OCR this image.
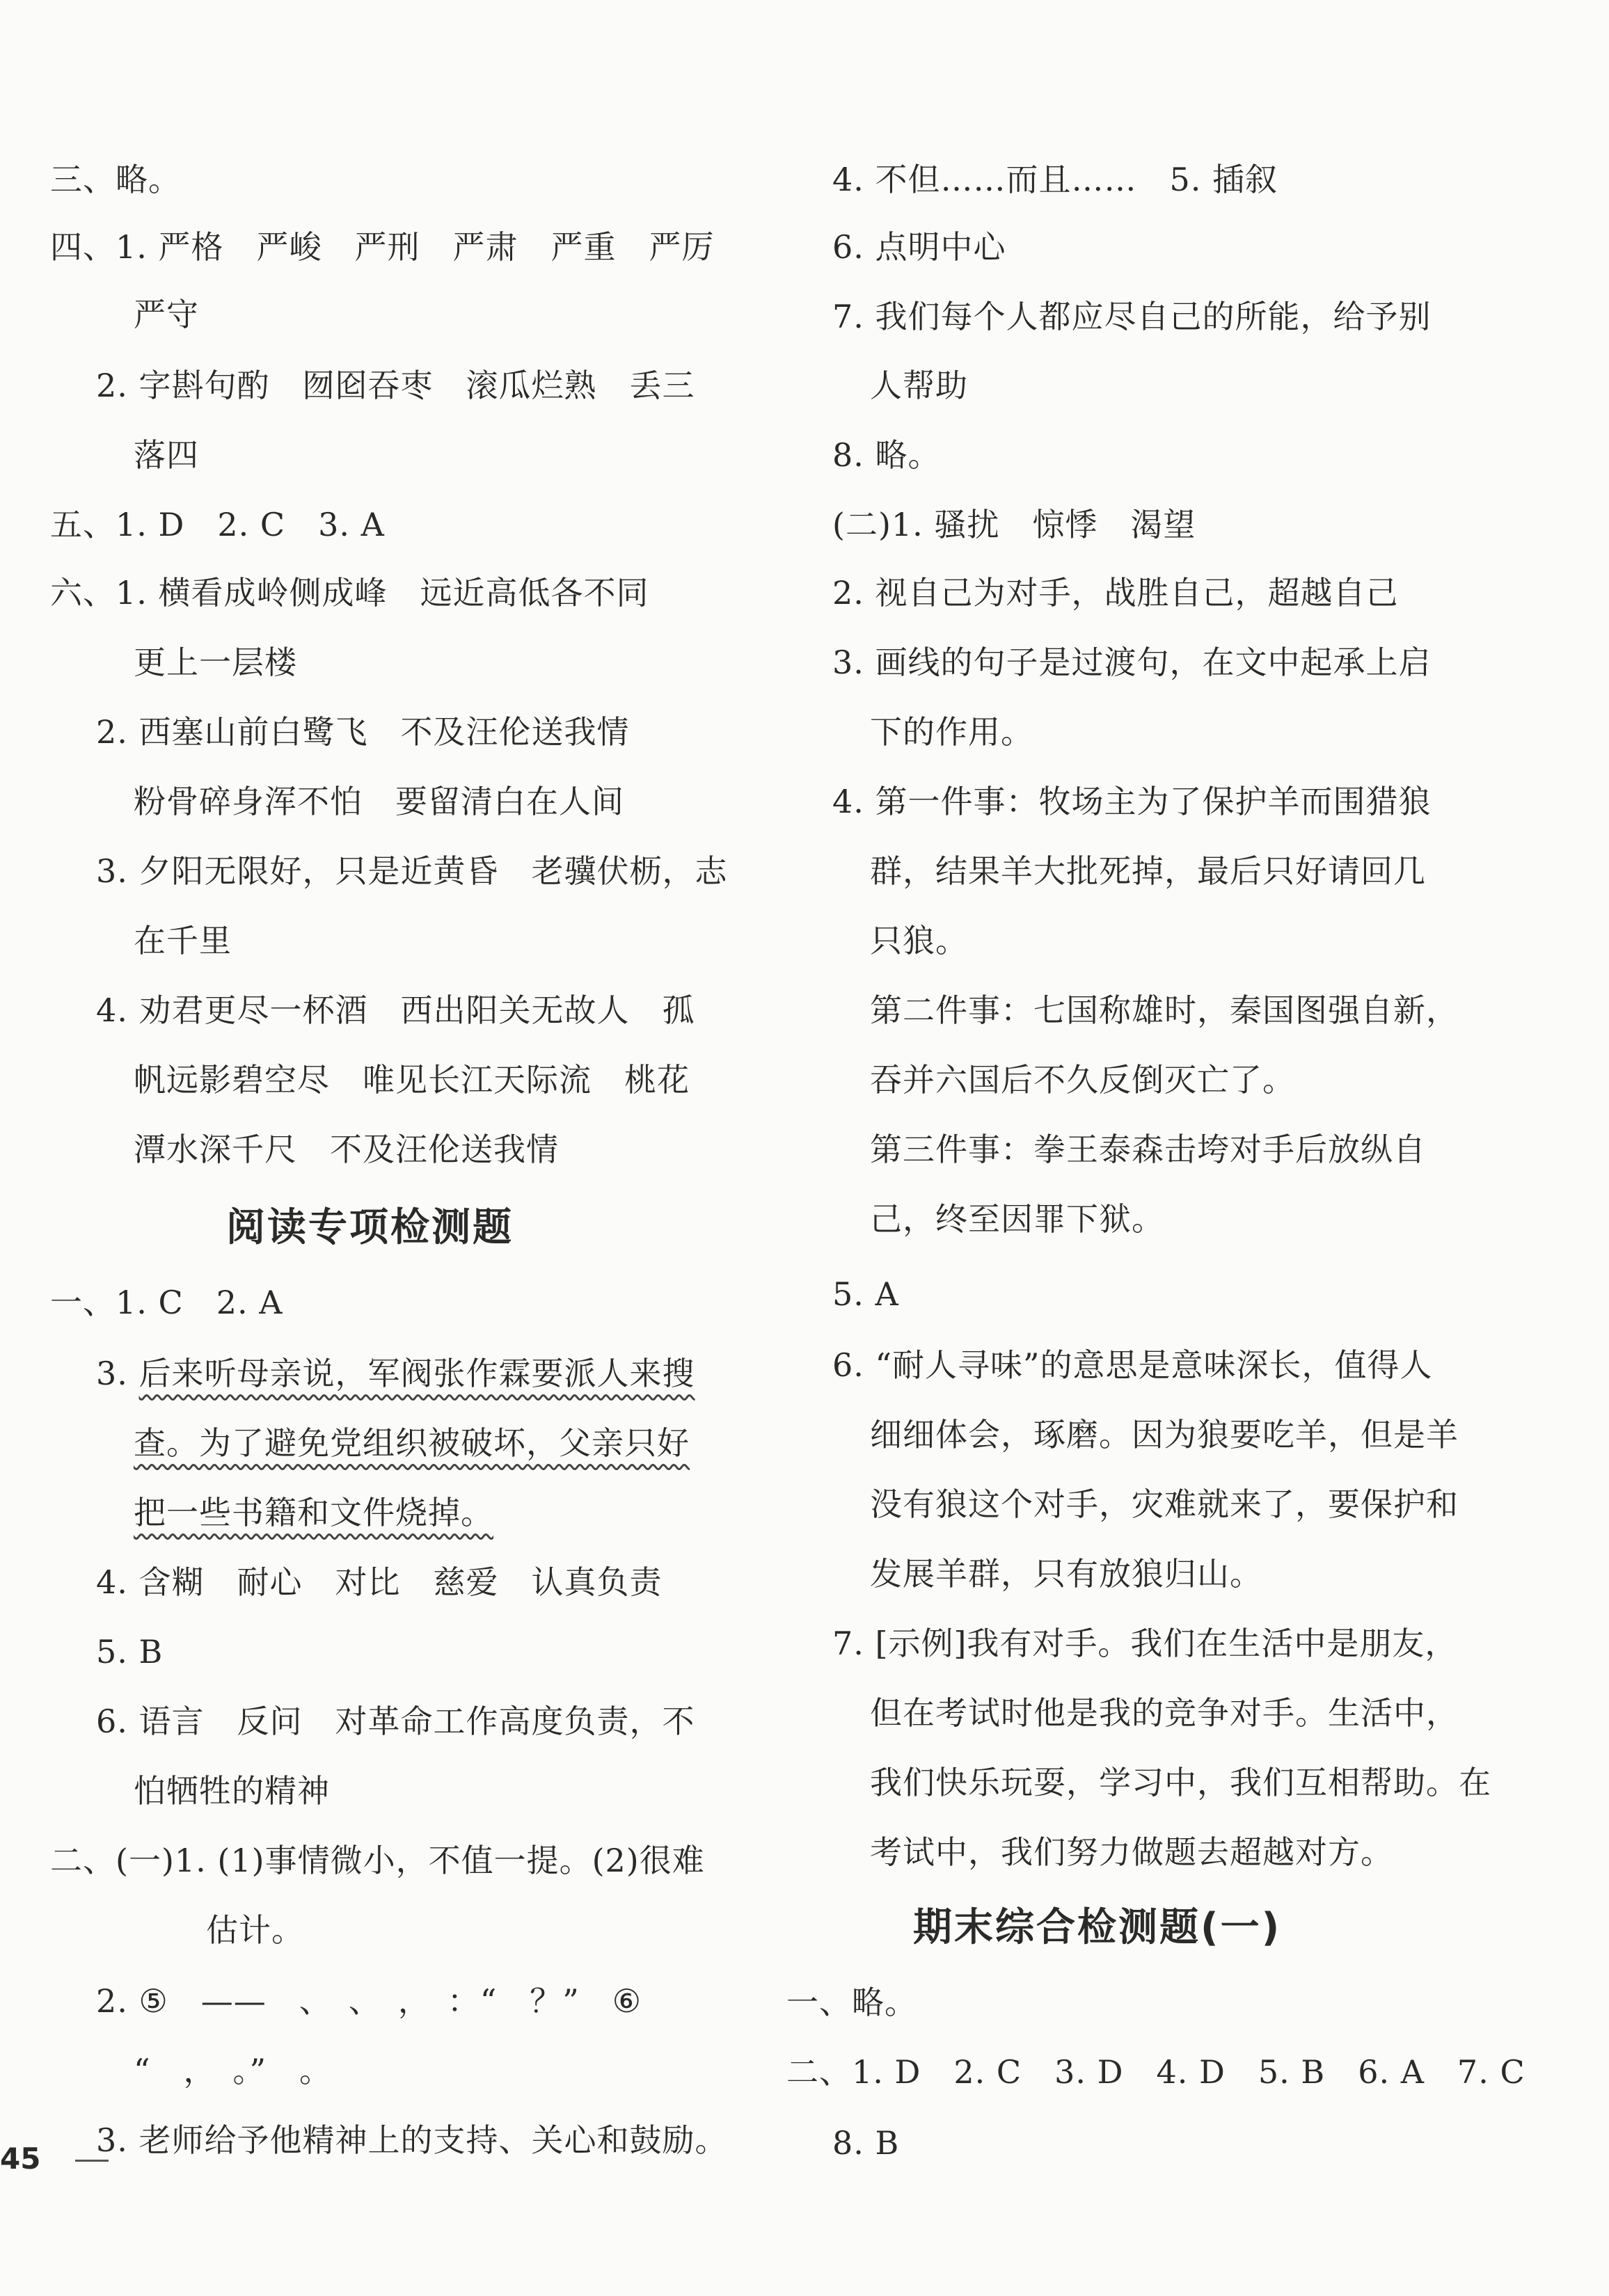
三、略。
四、1. 严格　严峻　严刑　严肃　严重　严厉
严守
2. 字斟句酌　囫囵吞枣　滚瓜烂熟　丢三
落四
五、1. D　2. C　3. A
六、1. 横看成岭侧成峰　远近高低各不同
更上一层楼
2. 西塞山前白鹭飞　不及汪伦送我情
粉骨碎身浑不怕　要留清白在人间
3. 夕阳无限好，只是近黄昏　老骥伏枥，志
在千里
4. 劝君更尽一杯酒　西出阳关无故人　孤
帆远影碧空尽　唯见长江天际流　桃花
潭水深千尺　不及汪伦送我情
阅读专项检测题
一、1. C　2. A
3. 后来听母亲说，军阀张作霖要派人来搜
查。为了避免党组织被破坏，父亲只好
把一些书籍和文件烧掉。
4. 含糊　耐心　对比　慈爱　认真负责
5. B
6. 语言　反问　对革命工作高度负责，不
怕牺牲的精神
二、(一)1. (1)事情微小，不值一提。(2)很难
估计。
2. ⑤　——　、　、　，　：“　？”　⑥
“　，　。”　。
3. 老师给予他精神上的支持、关心和鼓励。
4. 不但……而且……　5. 插叙
6. 点明中心
7. 我们每个人都应尽自己的所能，给予别
人帮助
8. 略。
(二)1. 骚扰　惊悸　渴望
2. 视自己为对手，战胜自己，超越自己
3. 画线的句子是过渡句，在文中起承上启
下的作用。
4. 第一件事：牧场主为了保护羊而围猎狼
群，结果羊大批死掉，最后只好请回几
只狼。
第二件事：七国称雄时，秦国图强自新，
吞并六国后不久反倒灭亡了。
第三件事：拳王泰森击垮对手后放纵自
己，终至因罪下狱。
5. A
6. “耐人寻味”的意思是意味深长，值得人
细细体会，琢磨。因为狼要吃羊，但是羊
没有狼这个对手，灾难就来了，要保护和
发展羊群，只有放狼归山。
7. [示例]我有对手。我们在生活中是朋友，
但在考试时他是我的竞争对手。生活中，
我们快乐玩耍，学习中，我们互相帮助。在
考试中，我们努力做题去超越对方。
期末综合检测题(一)
一、略。
二、1. D　2. C　3. D　4. D　5. B　6. A　7. C
8. B
45
